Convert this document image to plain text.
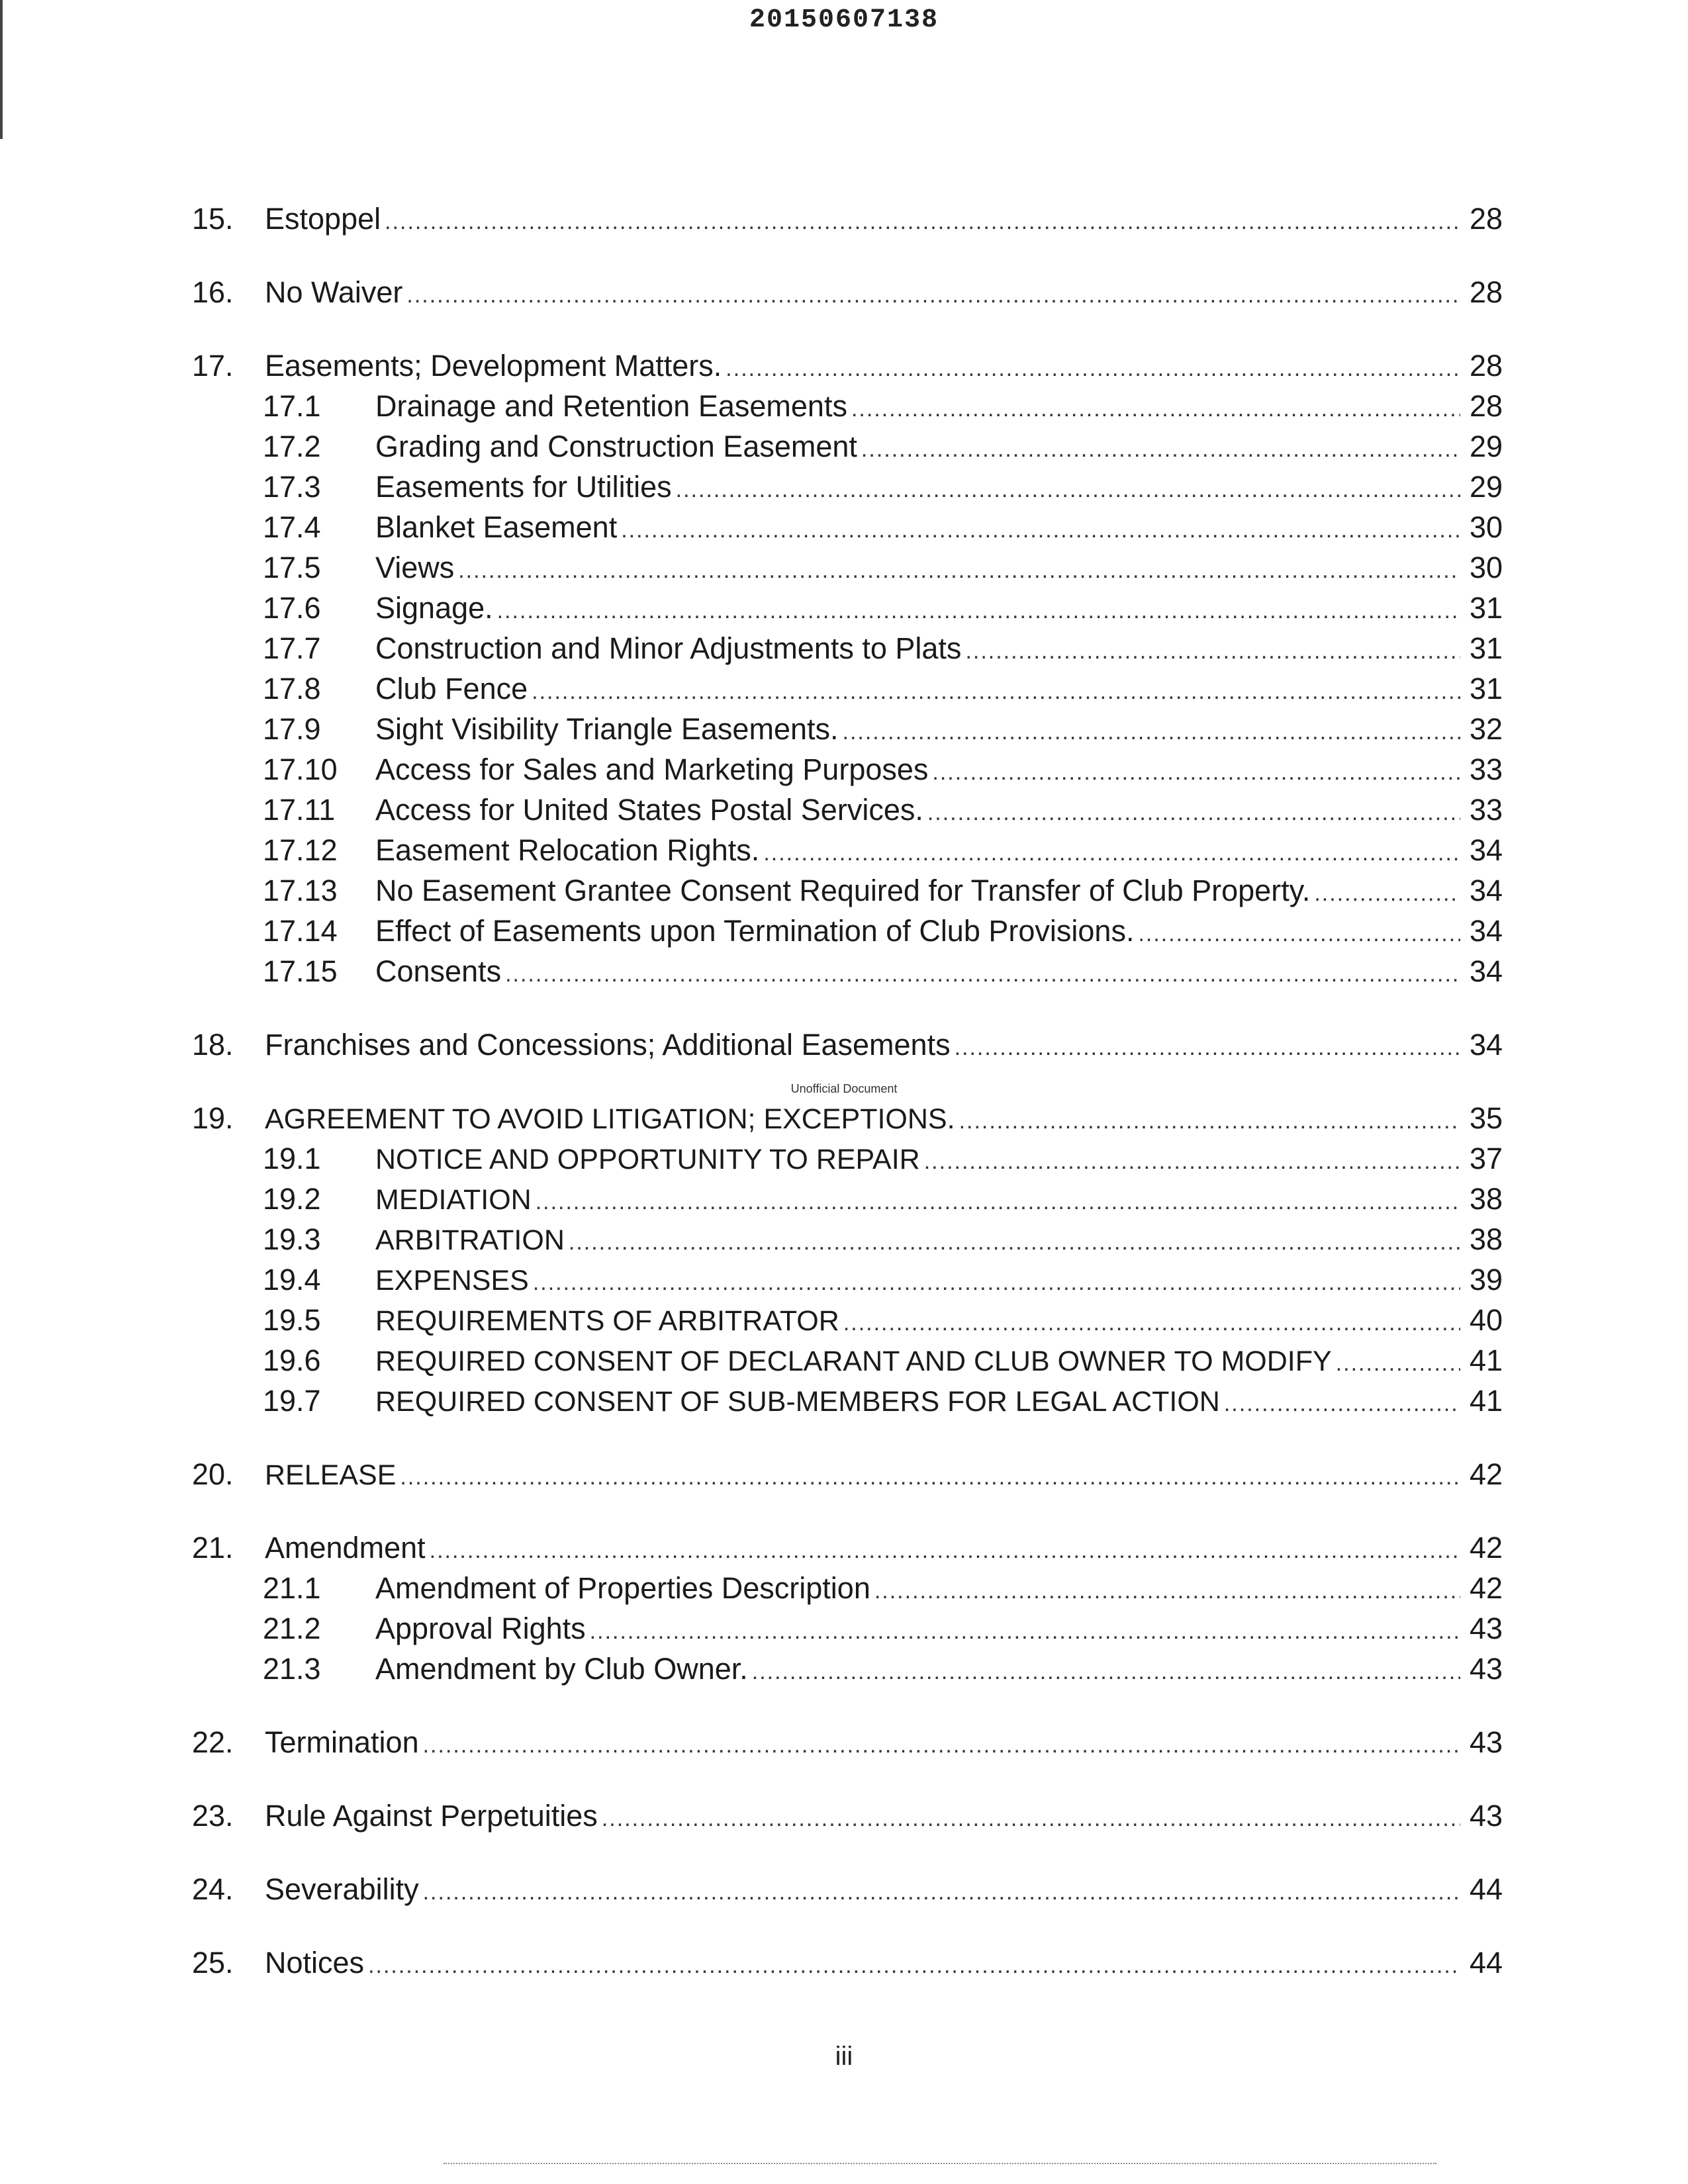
20150607138
15.	Estoppel .....	28
16.	No Waiver .....	28
17.	Easements; Development Matters. .....	28
17.1	Drainage and Retention Easements .....	28
17.2	Grading and Construction Easement .....	29
17.3	Easements for Utilities .....	29
17.4	Blanket Easement .....	30
17.5	Views .....	30
17.6	Signage. .....	31
17.7	Construction and Minor Adjustments to Plats .....	31
17.8	Club Fence .....	31
17.9	Sight Visibility Triangle Easements. .....	32
17.10	Access for Sales and Marketing Purposes .....	33
17.11	Access for United States Postal Services. .....	33
17.12	Easement Relocation Rights. .....	34
17.13	No Easement Grantee Consent Required for Transfer of Club Property. .....	34
17.14	Effect of Easements upon Termination of Club Provisions. .....	34
17.15	Consents .....	34
18.	Franchises and Concessions; Additional Easements .....	34
19.	AGREEMENT TO AVOID LITIGATION; EXCEPTIONS. .....	35
19.1	NOTICE AND OPPORTUNITY TO REPAIR .....	37
19.2	MEDIATION .....	38
19.3	ARBITRATION .....	38
19.4	EXPENSES .....	39
19.5	REQUIREMENTS OF ARBITRATOR .....	40
19.6	REQUIRED CONSENT OF DECLARANT AND CLUB OWNER TO MODIFY .....	41
19.7	REQUIRED CONSENT OF SUB-MEMBERS FOR LEGAL ACTION .....	41
20.	RELEASE .....	42
21.	Amendment .....	42
21.1	Amendment of Properties Description .....	42
21.2	Approval Rights .....	43
21.3	Amendment by Club Owner. .....	43
22.	Termination .....	43
23.	Rule Against Perpetuities .....	43
24.	Severability .....	44
25.	Notices .....	44
Unofficial Document
iii
